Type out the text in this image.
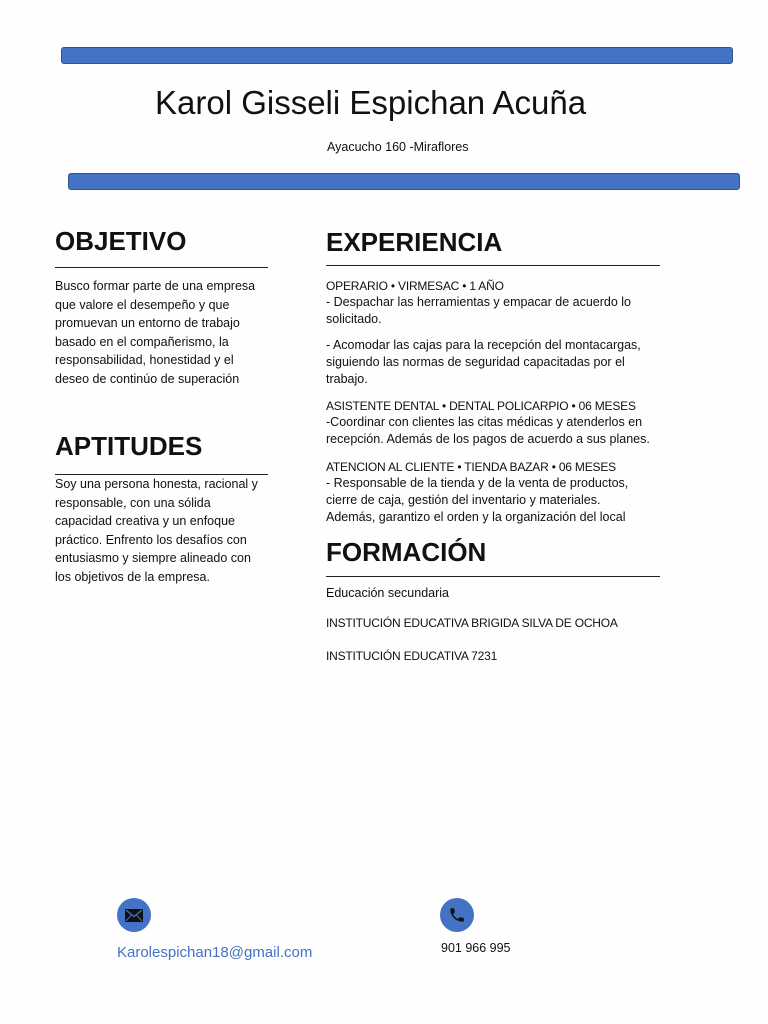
Karol Gisseli Espichan Acuña
Ayacucho 160 -Miraflores
OBJETIVO
Busco formar parte de una empresa
que valore el desempeño y que
promuevan un entorno de trabajo
basado en el compañerismo, la
responsabilidad, honestidad y el
deseo de continúo de superación
APTITUDES
Soy una persona honesta, racional y
responsable, con una sólida
capacidad creativa y un enfoque
práctico. Enfrento los desafíos con
entusiasmo y siempre alineado con
los objetivos de la empresa.
EXPERIENCIA
OPERARIO • VIRMESAC • 1 AÑO
- Despachar las herramientas y empacar de acuerdo lo
solicitado.
- Acomodar las cajas para la recepción del montacargas,
siguiendo las normas de seguridad capacitadas por el
trabajo.
ASISTENTE DENTAL • DENTAL POLICARPIO • 06 MESES
-Coordinar con clientes las citas médicas y atenderlos en
recepción. Además de los pagos de acuerdo a sus planes.
ATENCION AL CLIENTE • TIENDA BAZAR • 06 MESES
- Responsable de la tienda y de la venta de productos,
cierre de caja, gestión del inventario y materiales.
Además, garantizo el orden y la organización del local
FORMACIÓN
Educación secundaria
INSTITUCIÓN EDUCATIVA BRIGIDA SILVA DE OCHOA
INSTITUCIÓN EDUCATIVA 7231
Karolespichan18@gmail.com	901 966 995
